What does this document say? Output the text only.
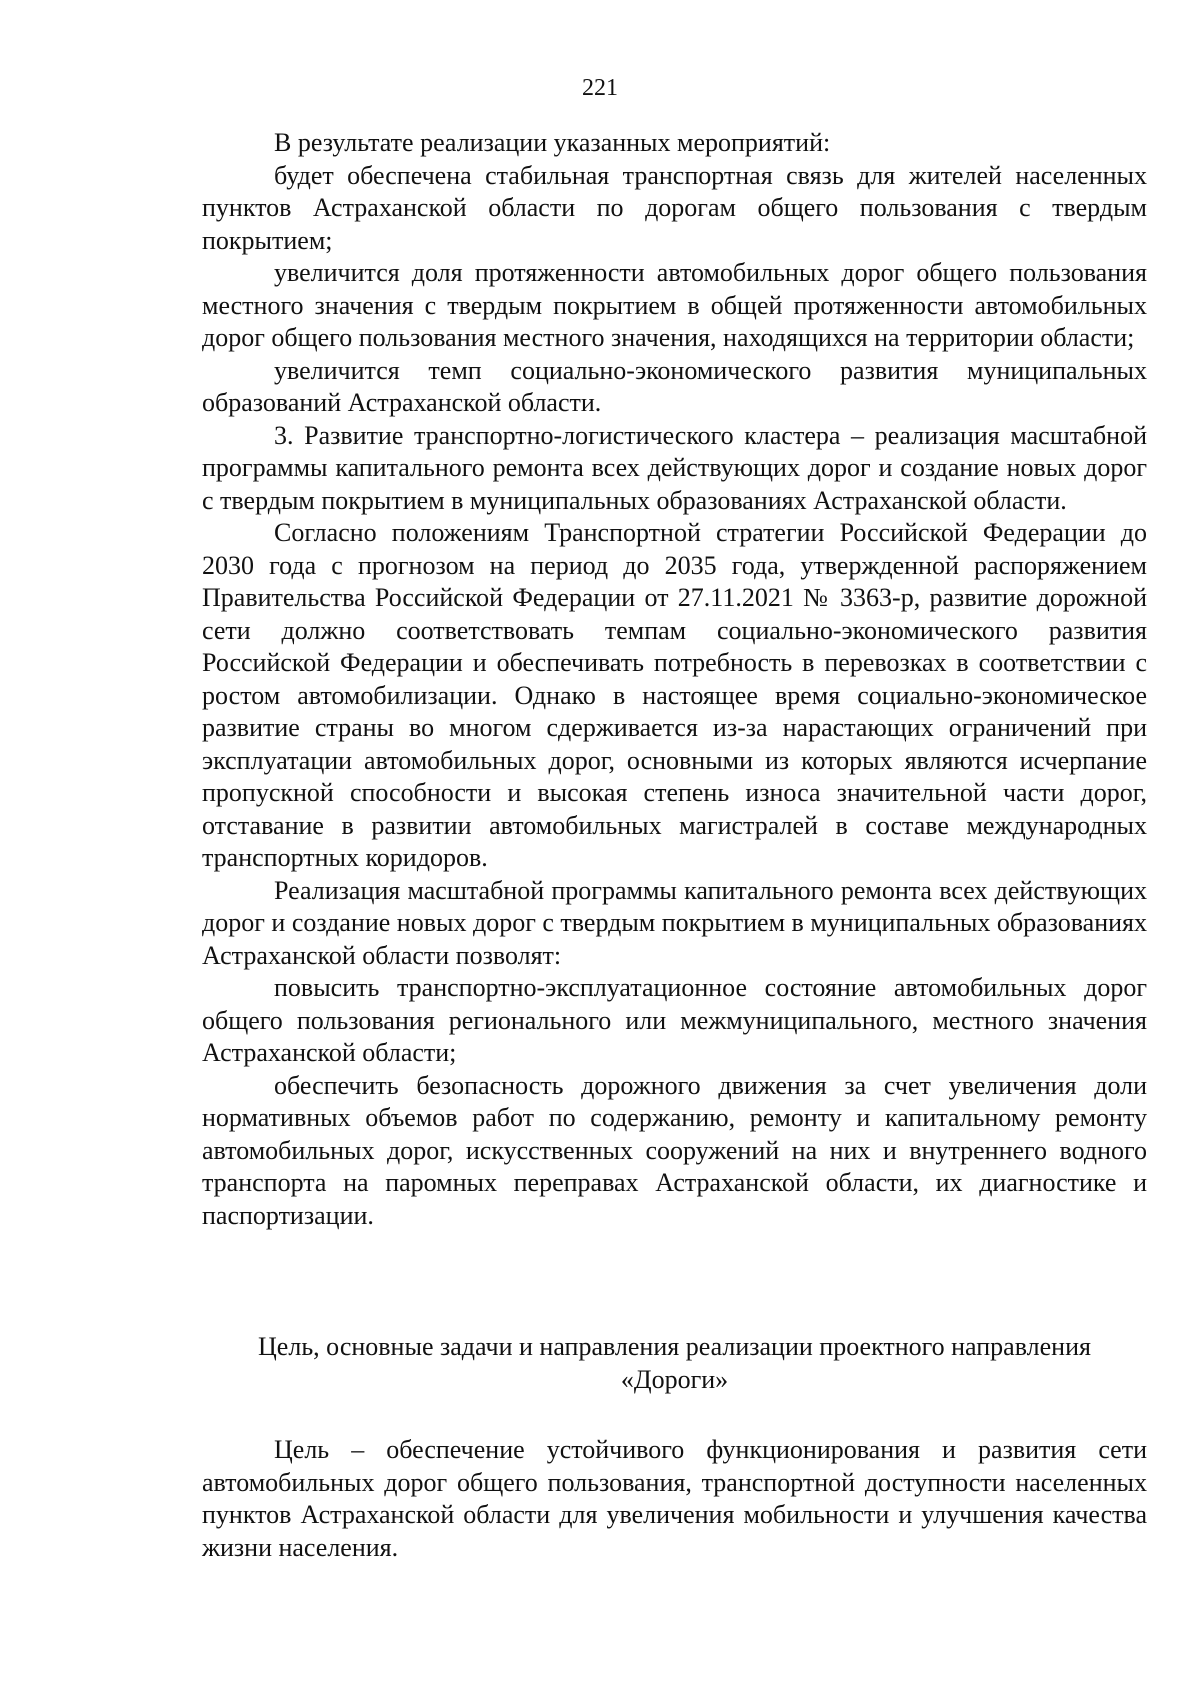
221

В результате реализации указанных мероприятий:

будет обеспечена стабильная транспортная связь для жителей населенных пунктов Астраханской области по дорогам общего пользования с твердым покрытием;

увеличится доля протяженности автомобильных дорог общего пользования местного значения с твердым покрытием в общей протяженности автомобильных дорог общего пользования местного значения, находящихся на территории области;

увеличится темп социально-экономического развития муниципальных образований Астраханской области.

3. Развитие транспортно-логистического кластера – реализация масштабной программы капитального ремонта всех действующих дорог и создание новых дорог с твердым покрытием в муниципальных образованиях Астраханской области.

Согласно положениям Транспортной стратегии Российской Федерации до 2030 года с прогнозом на период до 2035 года, утвержденной распоряжением Правительства Российской Федерации от 27.11.2021 № 3363-р, развитие дорожной сети должно соответствовать темпам социально-экономического развития Российской Федерации и обеспечивать потребность в перевозках в соответствии с ростом автомобилизации. Однако в настоящее время социально-экономическое развитие страны во многом сдерживается из-за нарастающих ограничений при эксплуатации автомобильных дорог, основными из которых являются исчерпание пропускной способности и высокая степень износа значительной части дорог, отставание в развитии автомобильных магистралей в составе международных транспортных коридоров.

Реализация масштабной программы капитального ремонта всех действующих дорог и создание новых дорог с твердым покрытием в муниципальных образованиях Астраханской области позволят:

повысить транспортно-эксплуатационное состояние автомобильных дорог общего пользования регионального или межмуниципального, местного значения Астраханской области;

обеспечить безопасность дорожного движения за счет увеличения доли нормативных объемов работ по содержанию, ремонту и капитальному ремонту автомобильных дорог, искусственных сооружений на них и внутреннего водного транспорта на паромных переправах Астраханской области, их диагностике и паспортизации.

Цель, основные задачи и направления реализации проектного направления
«Дороги»

Цель – обеспечение устойчивого функционирования и развития сети автомобильных дорог общего пользования, транспортной доступности населенных пунктов Астраханской области для увеличения мобильности и улучшения качества жизни населения.
